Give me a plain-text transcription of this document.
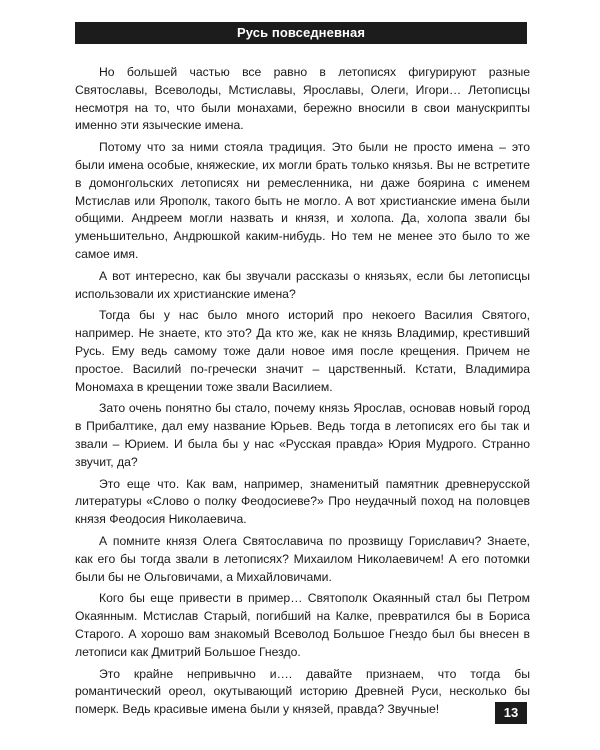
Русь повседневная

Но большей частью все равно в летописях фигурируют разные Святославы, Всеволоды, Мстиславы, Ярославы, Олеги, Игори… Летописцы несмотря на то, что были монахами, бережно вносили в свои манускрипты именно эти языческие имена.

Потому что за ними стояла традиция. Это были не просто имена – это были имена особые, княжеские, их могли брать только князья. Вы не встретите в домонгольских летописях ни ремесленника, ни даже боярина с именем Мстислав или Ярополк, такого быть не могло. А вот христианские имена были общими. Андреем могли назвать и князя, и холопа. Да, холопа звали бы уменьшительно, Андрюшкой каким-нибудь. Но тем не менее это было то же самое имя.

А вот интересно, как бы звучали рассказы о князьях, если бы летописцы использовали их христианские имена?

Тогда бы у нас было много историй про некоего Василия Святого, например. Не знаете, кто это? Да кто же, как не князь Владимир, крестивший Русь. Ему ведь самому тоже дали новое имя после крещения. Причем не простое. Василий по-гречески значит – царственный. Кстати, Владимира Мономаха в крещении тоже звали Василием.

Зато очень понятно бы стало, почему князь Ярослав, основав новый город в Прибалтике, дал ему название Юрьев. Ведь тогда в летописях его бы так и звали – Юрием. И была бы у нас «Русская правда» Юрия Мудрого. Странно звучит, да?

Это еще что. Как вам, например, знаменитый памятник древнерусской литературы «Слово о полку Феодосиеве?» Про неудачный поход на половцев князя Феодосия Николаевича.

А помните князя Олега Святославича по прозвищу Гориславич? Знаете, как его бы тогда звали в летописях? Михаилом Николаевичем! А его потомки были бы не Ольговичами, а Михайловичами.

Кого бы еще привести в пример… Святополк Окаянный стал бы Петром Окаянным. Мстислав Старый, погибший на Калке, превратился бы в Бориса Старого. А хорошо вам знакомый Всеволод Большое Гнездо был бы внесен в летописи как Дмитрий Большое Гнездо.

Это крайне непривычно и…. давайте признаем, что тогда бы романтический ореол, окутывающий историю Древней Руси, несколько бы померк. Ведь красивые имена были у князей, правда? Звучные!	13
